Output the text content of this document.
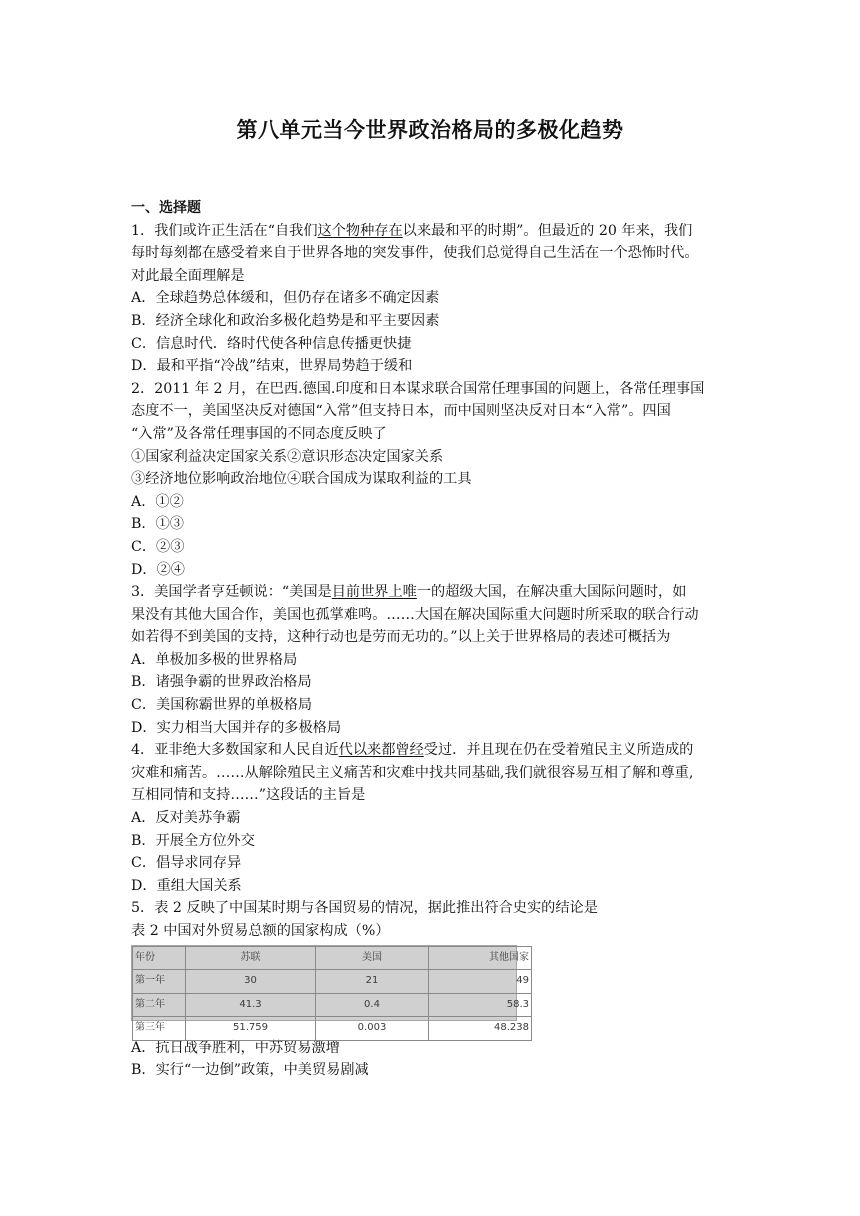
第八单元当今世界政治格局的多极化趋势
一、选择题
1．我们或许正生活在“自我们这个物种存在以来最和平的时期”。但最近的 20 年来，我们
每时每刻都在感受着来自于世界各地的突发事件，使我们总觉得自己生活在一个恐怖时代。
对此最全面理解是
A．全球趋势总体缓和，但仍存在诸多不确定因素
B．经济全球化和政治多极化趋势是和平主要因素
C．信息时代．络时代使各种信息传播更快捷
D．最和平指“冷战”结束，世界局势趋于缓和
2．2011 年 2 月，在巴西.德国.印度和日本谋求联合国常任理事国的问题上，各常任理事国
态度不一，美国坚决反对德国“入常”但支持日本，而中国则坚决反对日本“入常”。四国
“入常”及各常任理事国的不同态度反映了
①国家利益决定国家关系②意识形态决定国家关系
③经济地位影响政治地位④联合国成为谋取利益的工具
A．①②
B．①③
C．②③
D．②④
3．美国学者亨廷顿说：“美国是目前世界上唯一的超级大国，在解决重大国际问题时，如
果没有其他大国合作，美国也孤掌难鸣。……大国在解决国际重大问题时所采取的联合行动
如若得不到美国的支持，这种行动也是劳而无功的。”以上关于世界格局的表述可概括为
A．单极加多极的世界格局
B．诸强争霸的世界政治格局
C．美国称霸世界的单极格局
D．实力相当大国并存的多极格局
4．亚非绝大多数国家和人民自近代以来都曾经受过．并且现在仍在受着殖民主义所造成的
灾难和痛苦。……从解除殖民主义痛苦和灾难中找共同基础,我们就很容易互相了解和尊重,
互相同情和支持……”这段话的主旨是
A．反对美苏争霸
B．开展全方位外交
C．倡导求同存异
D．重组大国关系
5．表 2 反映了中国某时期与各国贸易的情况，据此推出符合史实的结论是
表 2 中国对外贸易总额的国家构成（%）
年份	苏联	美国	其他国家
第一年	30	21	49
第二年	41.3	0.4	58.3
第三年	51.759	0.003	48.238
A．抗日战争胜利，中苏贸易激增
B．实行“一边倒”政策，中美贸易剧减
